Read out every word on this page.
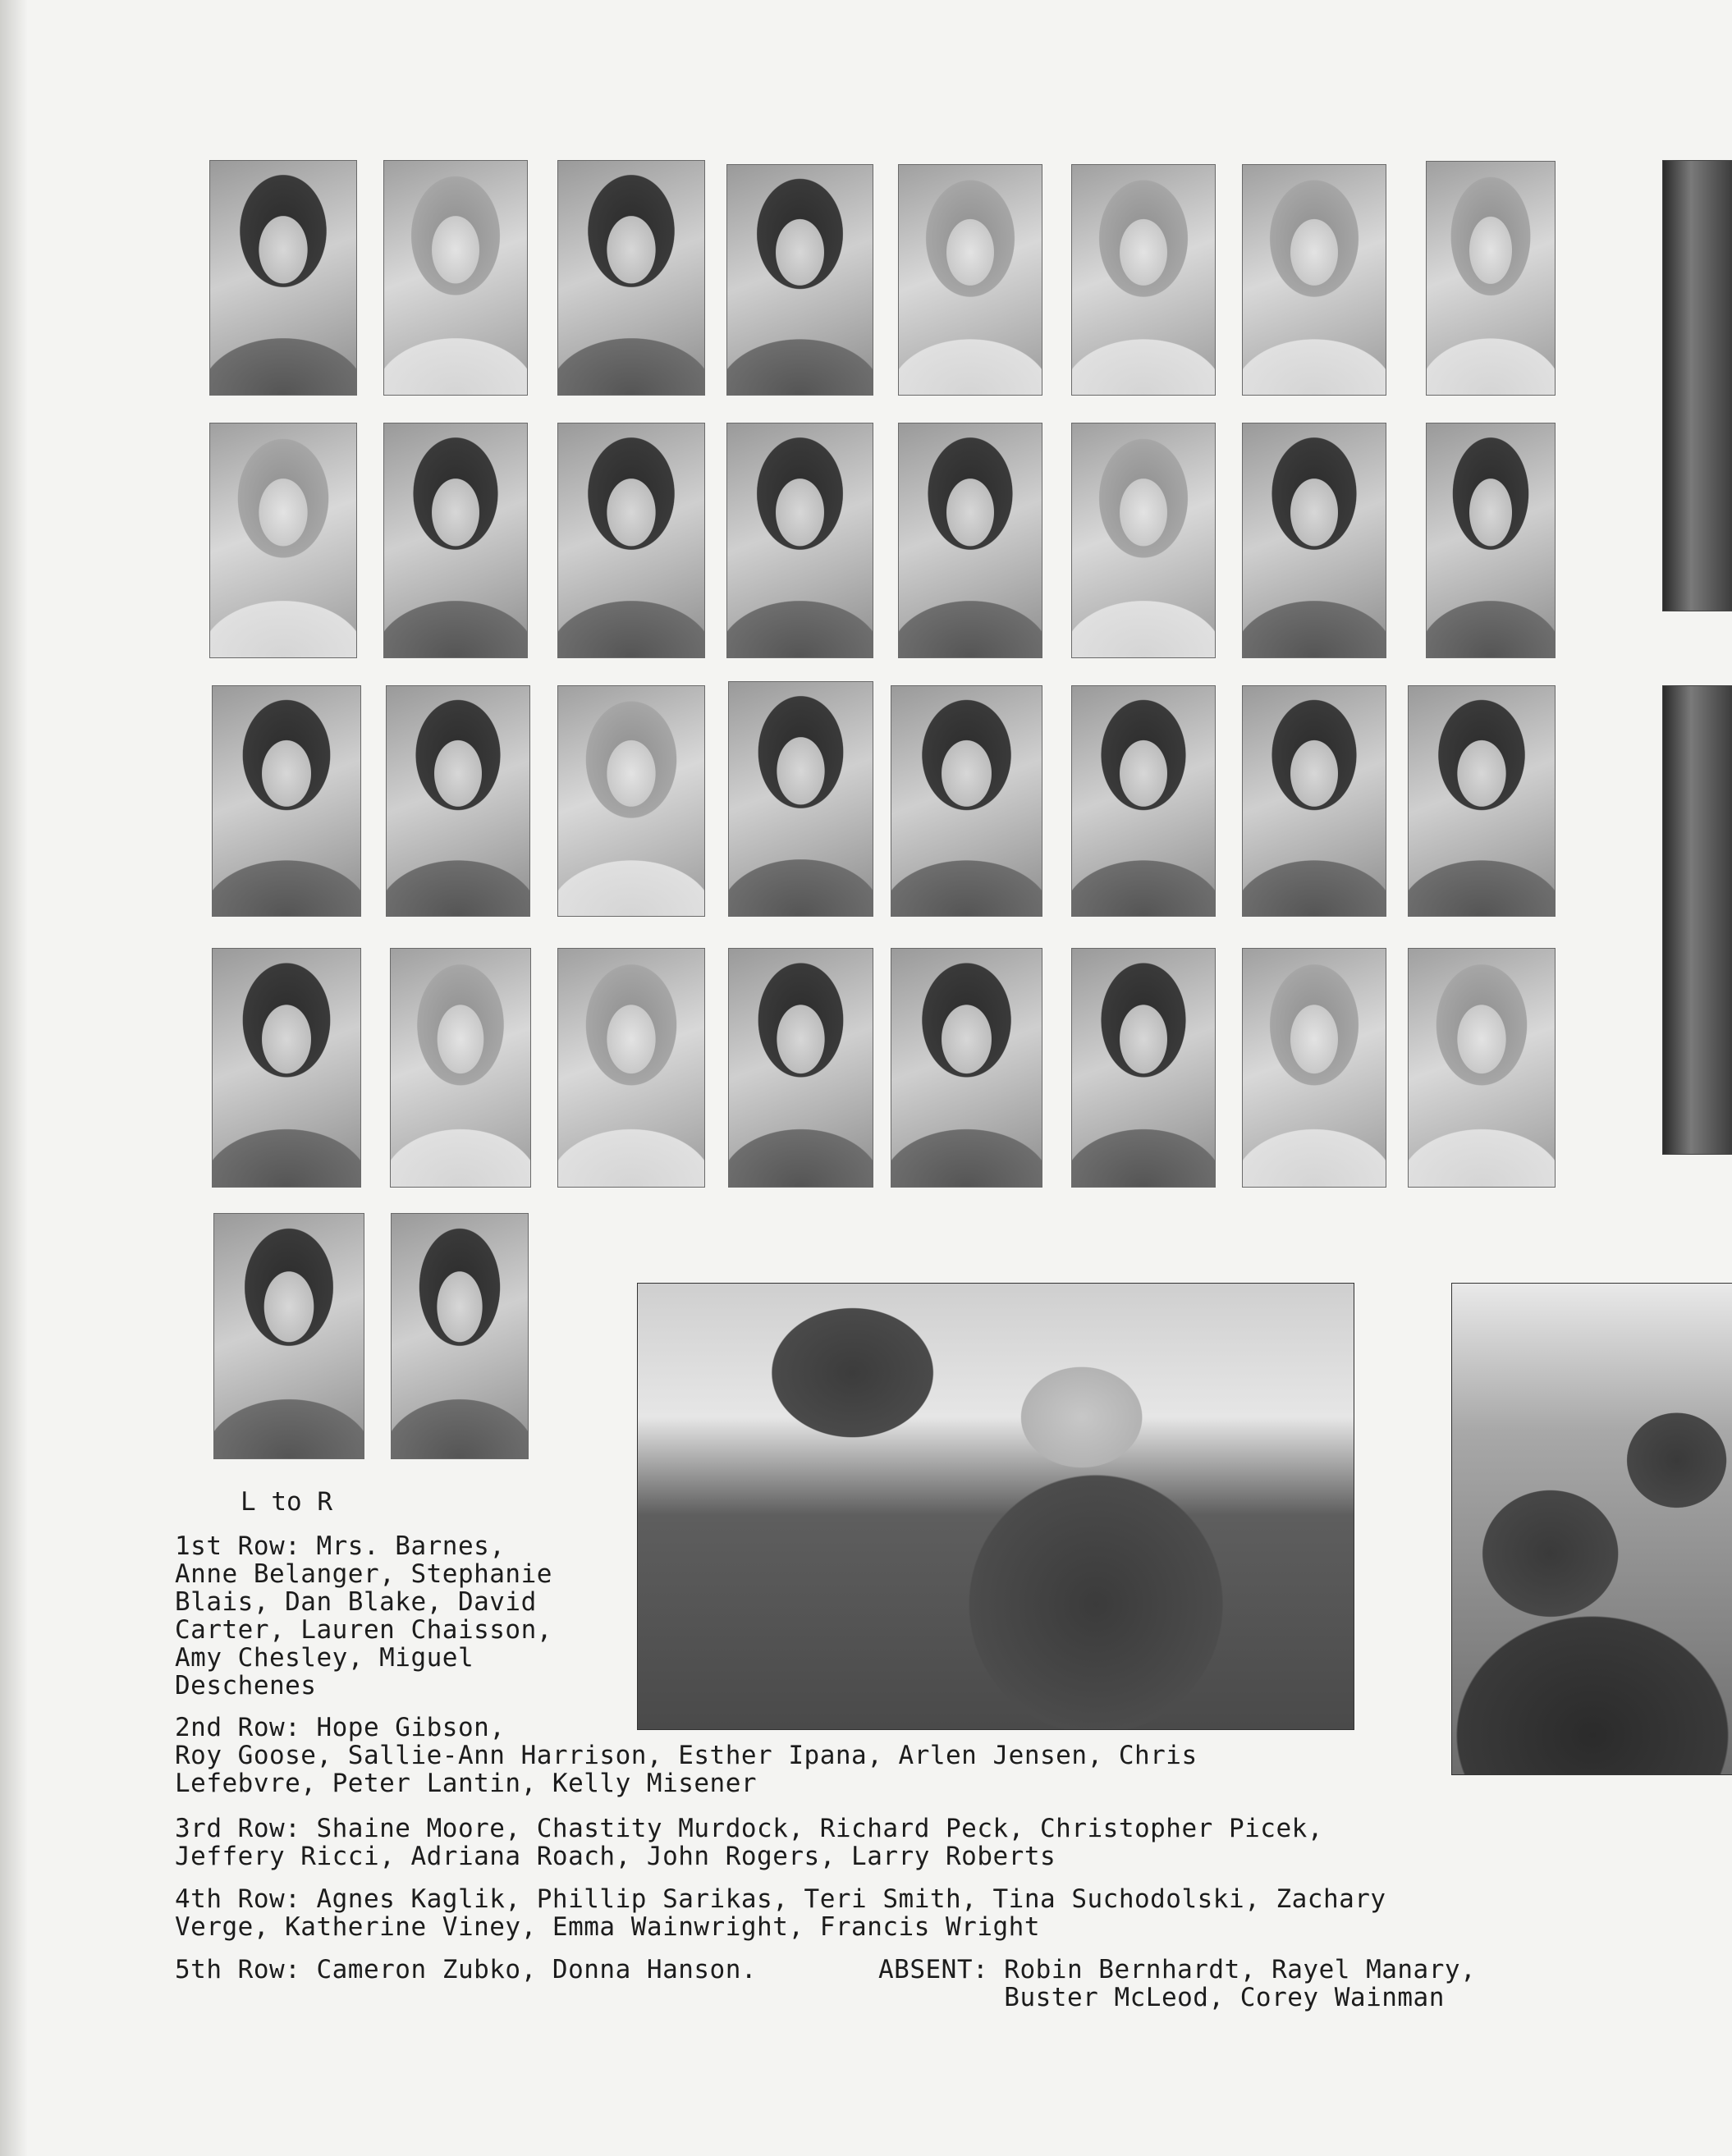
L to R
1st Row: Mrs. Barnes,
Anne Belanger, Stephanie
Blais, Dan Blake, David
Carter, Lauren Chaisson,
Amy Chesley, Miguel
Deschenes
2nd Row: Hope Gibson,
Roy Goose, Sallie-Ann Harrison, Esther Ipana, Arlen Jensen, Chris
Lefebvre, Peter Lantin, Kelly Misener
3rd Row: Shaine Moore, Chastity Murdock, Richard Peck, Christopher Picek,
Jeffery Ricci, Adriana Roach, John Rogers, Larry Roberts
4th Row: Agnes Kaglik, Phillip Sarikas, Teri Smith, Tina Suchodolski, Zachary
Verge, Katherine Viney, Emma Wainwright, Francis Wright
5th Row: Cameron Zubko, Donna Hanson.	ABSENT: Robin Bernhardt, Rayel Manary,
Buster McLeod, Corey Wainman
